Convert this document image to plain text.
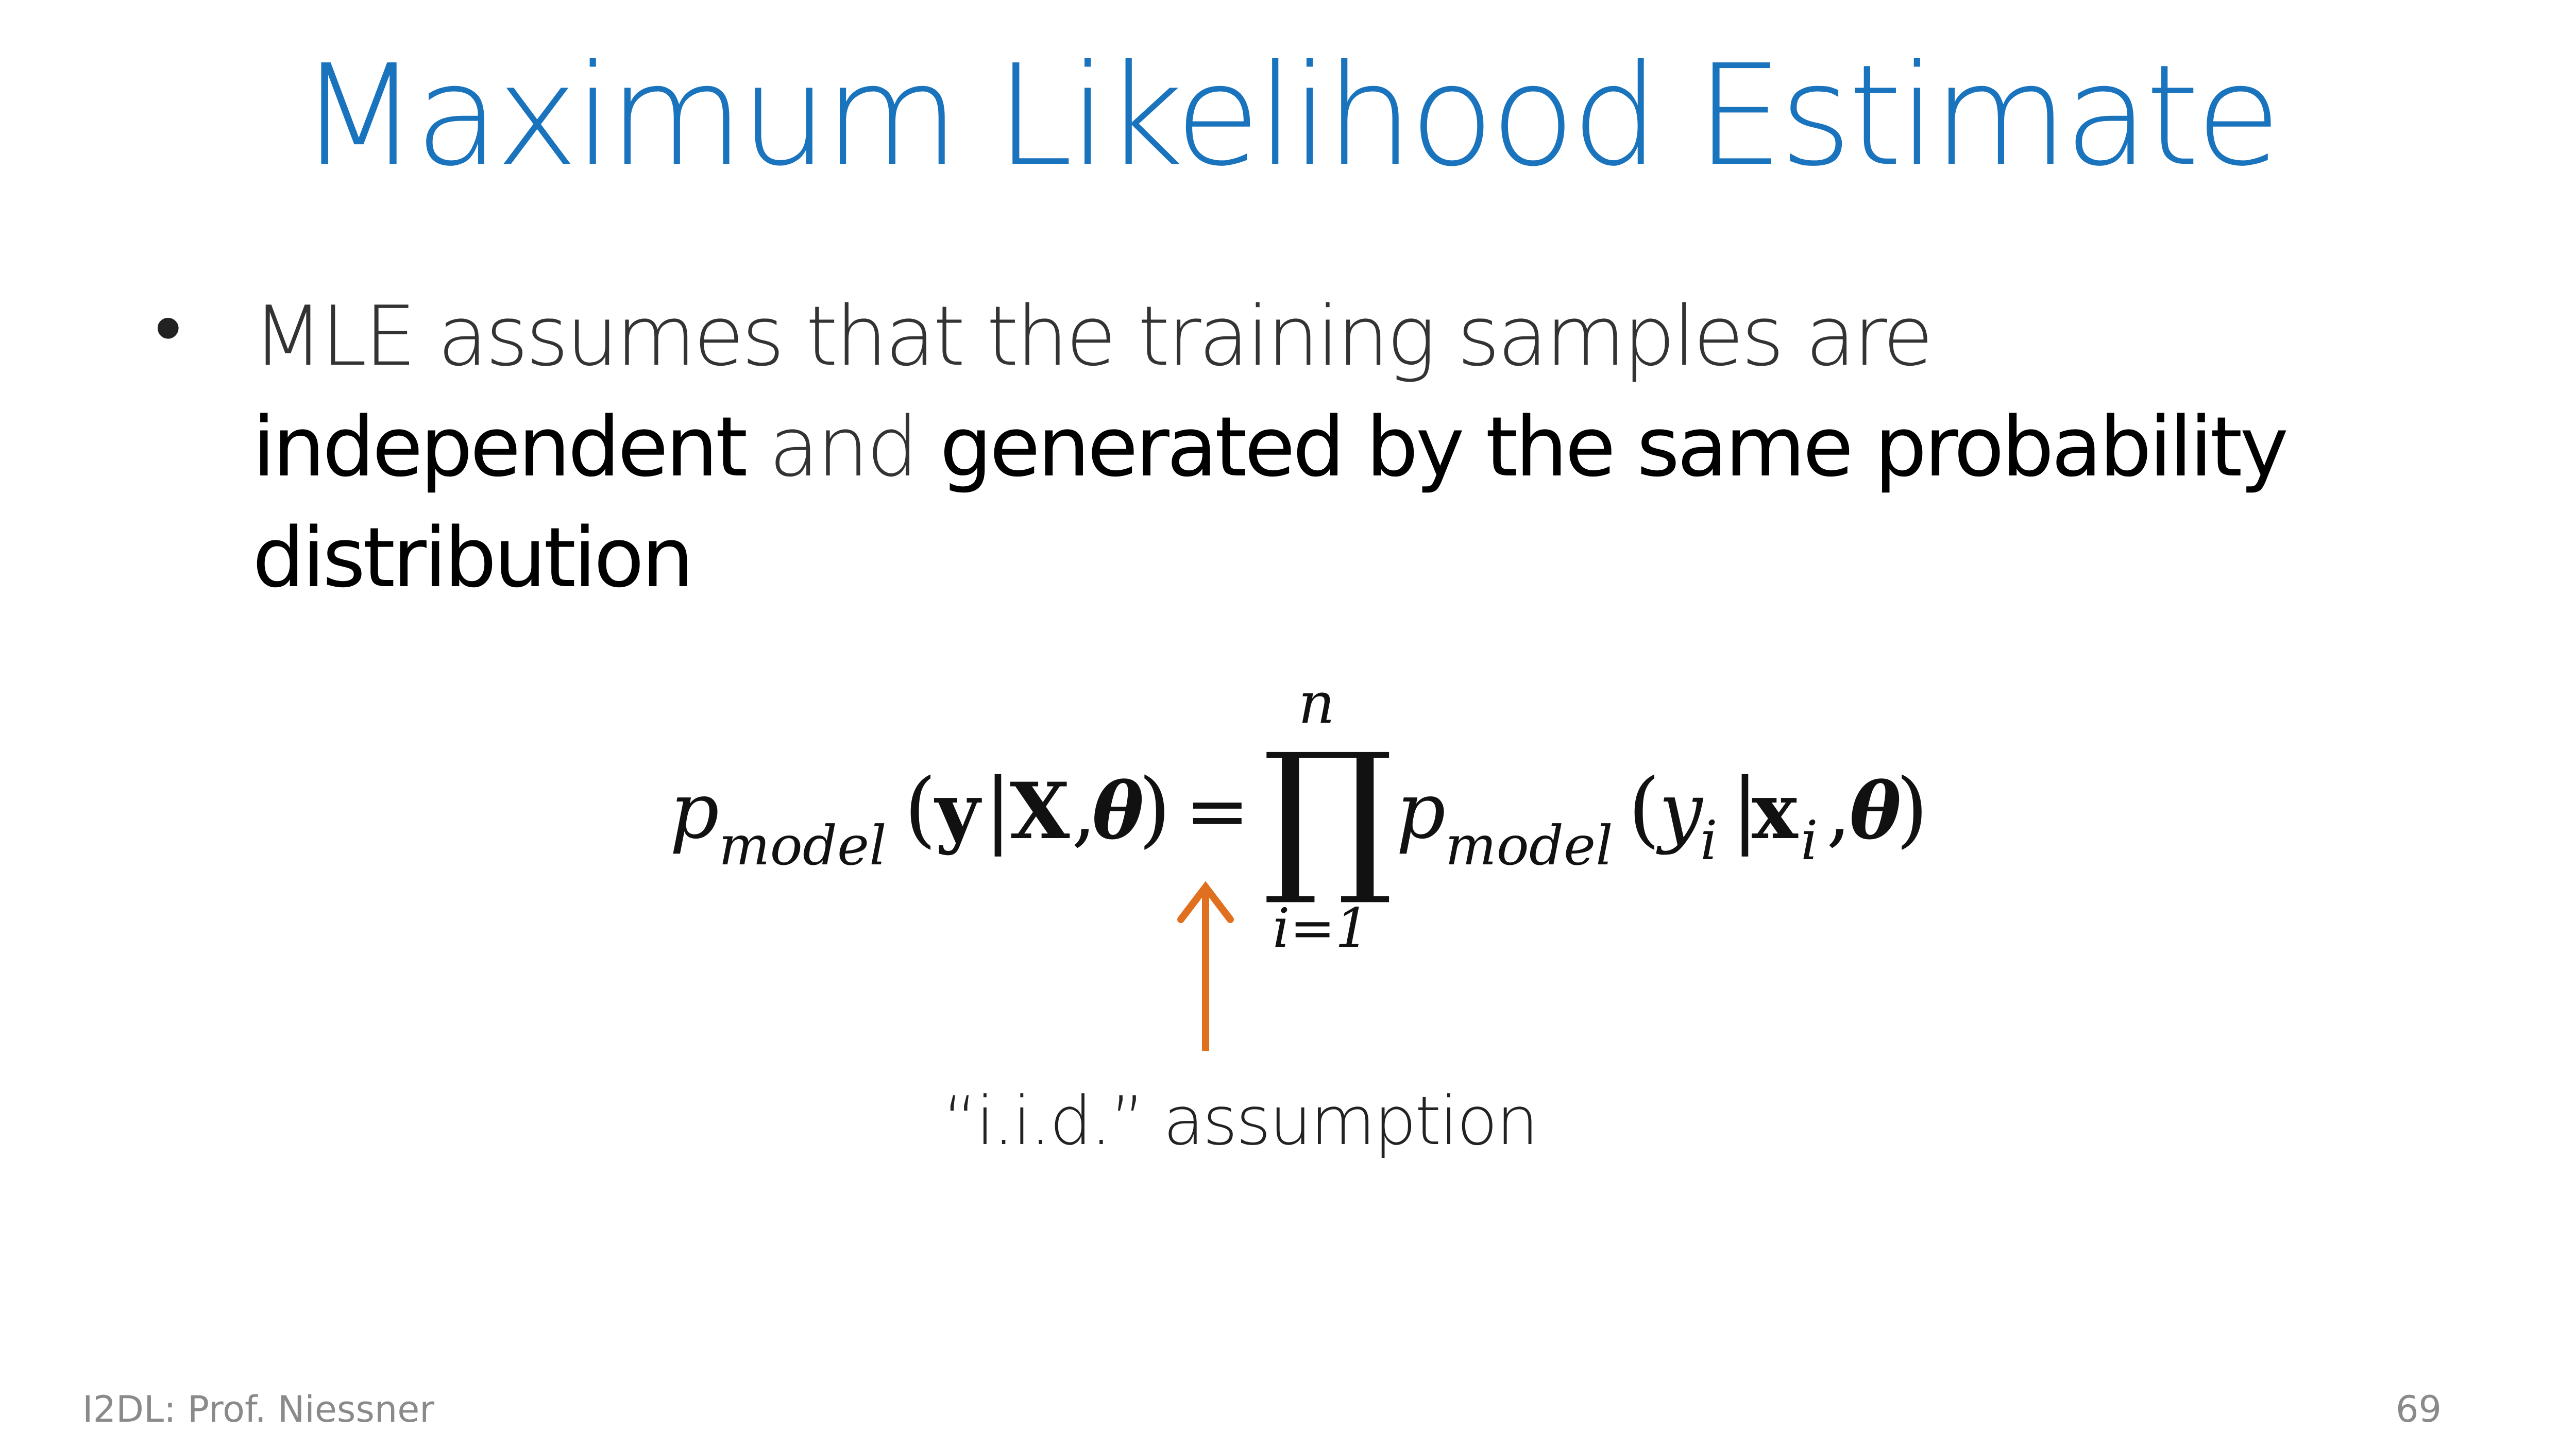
Maximum Likelihood Estimate
• MLE assumes that the training samples are independent and generated by the same probability distribution
p
model (
y |
X ,
θ
) =
n
∏
i=1
p
model (
y
i |
x i ,
θ
)
“i.i.d.” assumption
I2DL: Prof. Niessner	69
